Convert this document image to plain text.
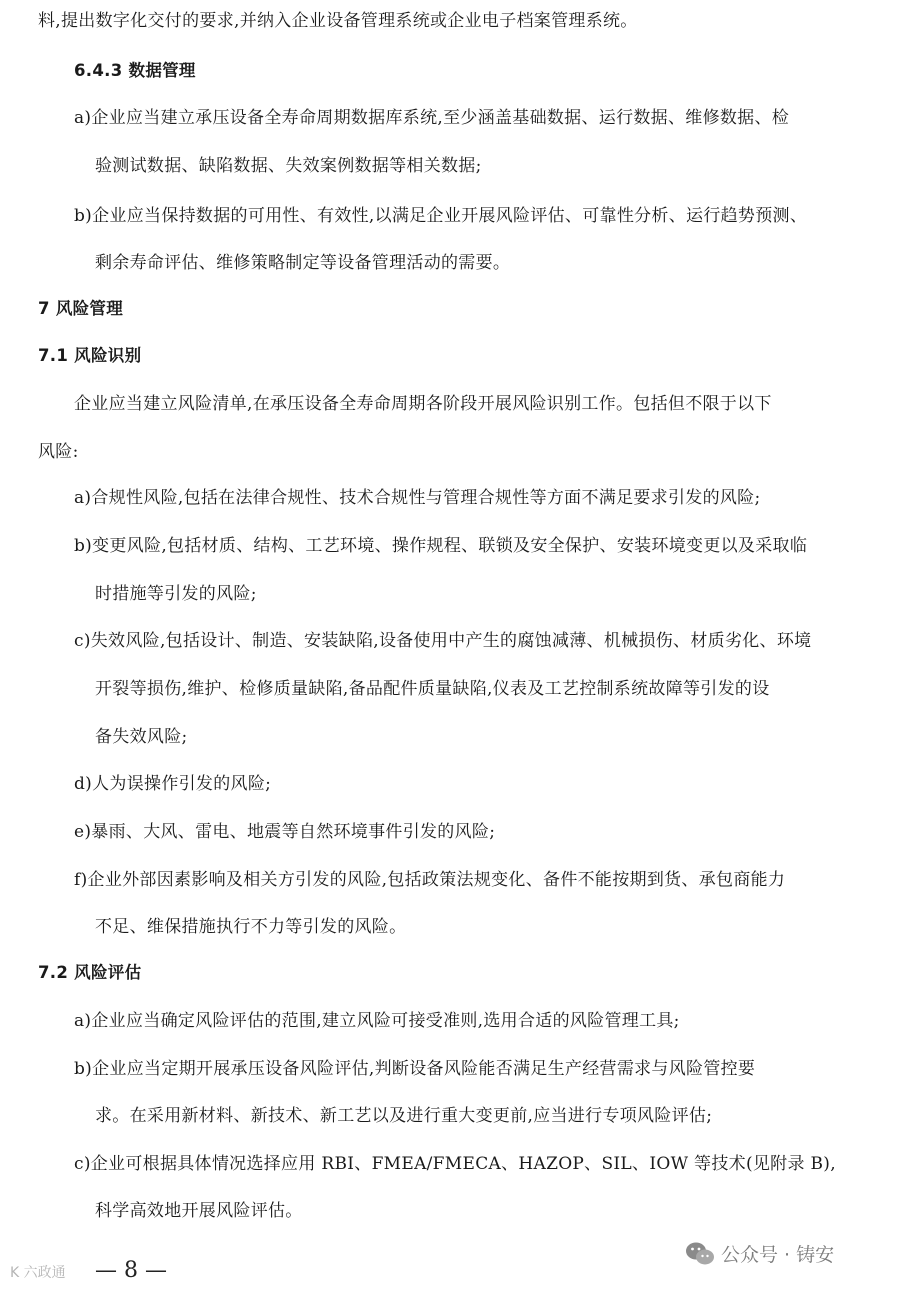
料,提出数字化交付的要求,并纳入企业设备管理系统或企业电子档案管理系统。
6.4.3 数据管理
a)企业应当建立承压设备全寿命周期数据库系统,至少涵盖基础数据、运行数据、维修数据、检
验测试数据、缺陷数据、失效案例数据等相关数据;
b)企业应当保持数据的可用性、有效性,以满足企业开展风险评估、可靠性分析、运行趋势预测、
剩余寿命评估、维修策略制定等设备管理活动的需要。
7 风险管理
7.1 风险识别
企业应当建立风险清单,在承压设备全寿命周期各阶段开展风险识别工作。包括但不限于以下
风险:
a)合规性风险,包括在法律合规性、技术合规性与管理合规性等方面不满足要求引发的风险;
b)变更风险,包括材质、结构、工艺环境、操作规程、联锁及安全保护、安装环境变更以及采取临
时措施等引发的风险;
c)失效风险,包括设计、制造、安装缺陷,设备使用中产生的腐蚀减薄、机械损伤、材质劣化、环境
开裂等损伤,维护、检修质量缺陷,备品配件质量缺陷,仪表及工艺控制系统故障等引发的设
备失效风险;
d)人为误操作引发的风险;
e)暴雨、大风、雷电、地震等自然环境事件引发的风险;
f)企业外部因素影响及相关方引发的风险,包括政策法规变化、备件不能按期到货、承包商能力
不足、维保措施执行不力等引发的风险。
7.2 风险评估
a)企业应当确定风险评估的范围,建立风险可接受准则,选用合适的风险管理工具;
b)企业应当定期开展承压设备风险评估,判断设备风险能否满足生产经营需求与风险管控要
求。在采用新材料、新技术、新工艺以及进行重大变更前,应当进行专项风险评估;
c)企业可根据具体情况选择应用 RBI、FMEA/FMECA、HAZOP、SIL、IOW 等技术(见附录 B),
科学高效地开展风险评估。
K 六政通 — 8 —
公众号 · 铸安
